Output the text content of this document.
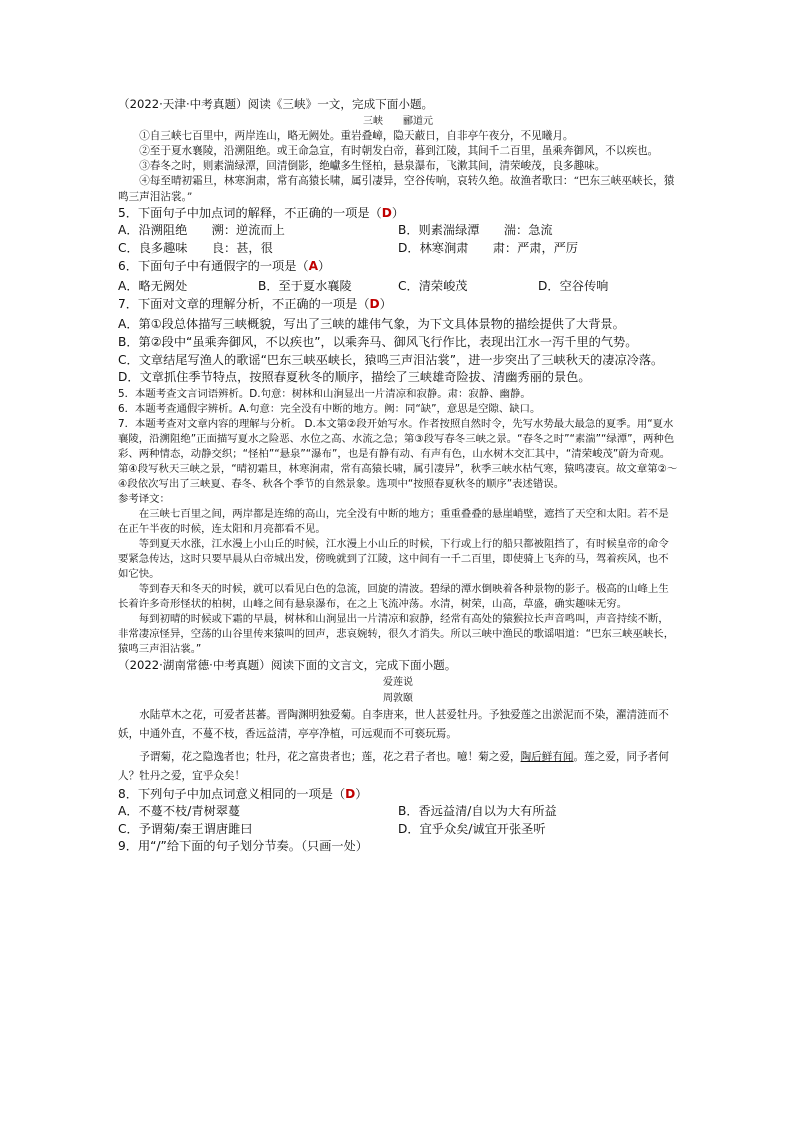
（2022·天津·中考真题）阅读《三峡》一文，完成下面小题。

三峡　　郦道元

①自三峡七百里中，两岸连山，略无阙处。重岩叠嶂，隐天蔽日，自非亭午夜分，不见曦月。

②至于夏水襄陵，沿溯阻绝。或王命急宣，有时朝发白帝，暮到江陵，其间千二百里，虽乘奔御风，不以疾也。

③春冬之时，则素湍绿潭，回清倒影，绝巘多生怪柏，悬泉瀑布，飞漱其间，清荣峻茂，良多趣味。

④每至晴初霜旦，林寒涧肃，常有高猿长啸，属引凄异，空谷传响，哀转久绝。故渔者歌曰：“巴东三峡巫峡长，猿鸣三声泪沾裳。”

5．下面句子中加点词的解释，不正确的一项是（D）

A．沿溯阻绝　　溯：逆流而上	B．则素湍绿潭　　湍：急流
C．良多趣味　　良：甚，很	D．林寒涧肃　　肃：严肃，严厉

6．下面句子中有通假字的一项是（A）

A．略无阙处	B．至于夏水襄陵	C．清荣峻茂	D．空谷传响

7．下面对文章的理解分析，不正确的一项是（D）

A．第①段总体描写三峡概貌，写出了三峡的雄伟气象，为下文具体景物的描绘提供了大背景。

B．第②段中“虽乘奔御风，不以疾也”，以乘奔马、御风飞行作比，表现出江水一泻千里的气势。

C．文章结尾写渔人的歌谣“巴东三峡巫峡长，猿鸣三声泪沾裳”，进一步突出了三峡秋天的凄凉冷落。

D．文章抓住季节特点，按照春夏秋冬的顺序，描绘了三峡雄奇险拔、清幽秀丽的景色。

5．本题考查文言词语辨析。D.句意：树林和山涧显出一片清凉和寂静。肃：寂静、幽静。

6．本题考查通假字辨析。A.句意：完全没有中断的地方。阙：同“缺”，意思是空隙、缺口。

7．本题考查对文章内容的理解与分析。 D.本文第②段开始写水。作者按照自然时令，先写水势最大最急的夏季。用“夏水襄陵，沿溯阻绝”正面描写夏水之险恶、水位之高、水流之急；第③段写春冬三峡之景。“春冬之时”“素湍”“绿潭”，两种色彩、两种情态，动静交织；“怪柏”“悬泉”“瀑布”，也是有静有动、有声有色，山水树木交汇其中，“清荣峻茂”蔚为奇观。第④段写秋天三峡之景，“晴初霜旦，林寒涧肃，常有高猿长啸，属引凄异”，秋季三峡水枯气寒，猿鸣凄哀。故文章第②～④段依次写出了三峡夏、春冬、秋各个季节的自然景象。选项中“按照春夏秋冬的顺序”表述错误。

参考译文：

在三峡七百里之间，两岸都是连绵的高山，完全没有中断的地方；重重叠叠的悬崖峭壁，遮挡了天空和太阳。若不是在正午半夜的时候，连太阳和月亮都看不见。

等到夏天水涨，江水漫上小山丘的时候，江水漫上小山丘的时候，下行或上行的船只都被阻挡了，有时候皇帝的命令要紧急传达，这时只要早晨从白帝城出发，傍晚就到了江陵，这中间有一千二百里，即使骑上飞奔的马，驾着疾风，也不如它快。

等到春天和冬天的时候，就可以看见白色的急流，回旋的清波。碧绿的潭水倒映着各种景物的影子。极高的山峰上生长着许多奇形怪状的柏树，山峰之间有悬泉瀑布，在之上飞流冲荡。水清，树荣，山高，草盛，确实趣味无穷。

每到初晴的时候或下霜的早晨，树林和山涧显出一片清凉和寂静，经常有高处的猿猴拉长声音鸣叫，声音持续不断，非常凄凉怪异，空荡的山谷里传来猿叫的回声，悲哀婉转，很久才消失。所以三峡中渔民的歌谣唱道：“巴东三峡巫峡长，猿鸣三声泪沾裳。”

（2022·湖南常德·中考真题）阅读下面的文言文，完成下面小题。

爱莲说

周敦颐

水陆草木之花，可爱者甚蕃。晋陶渊明独爱菊。自李唐来，世人甚爱牡丹。予独爱莲之出淤泥而不染，濯清涟而不妖，中通外直，不蔓不枝，香远益清，亭亭净植，可远观而不可亵玩焉。

予谓菊，花之隐逸者也；牡丹，花之富贵者也；莲，花之君子者也。噫！菊之爱，陶后鲜有闻。莲之爱，同予者何人？牡丹之爱，宜乎众矣！

8．下列句子中加点词意义相同的一项是（D）

A．不蔓不枝/青树翠蔓	B．香远益清/自以为大有所益
C．予谓菊/秦王谓唐雎曰	D．宜乎众矣/诚宜开张圣听

9．用“/”给下面的句子划分节奏。（只画一处）
